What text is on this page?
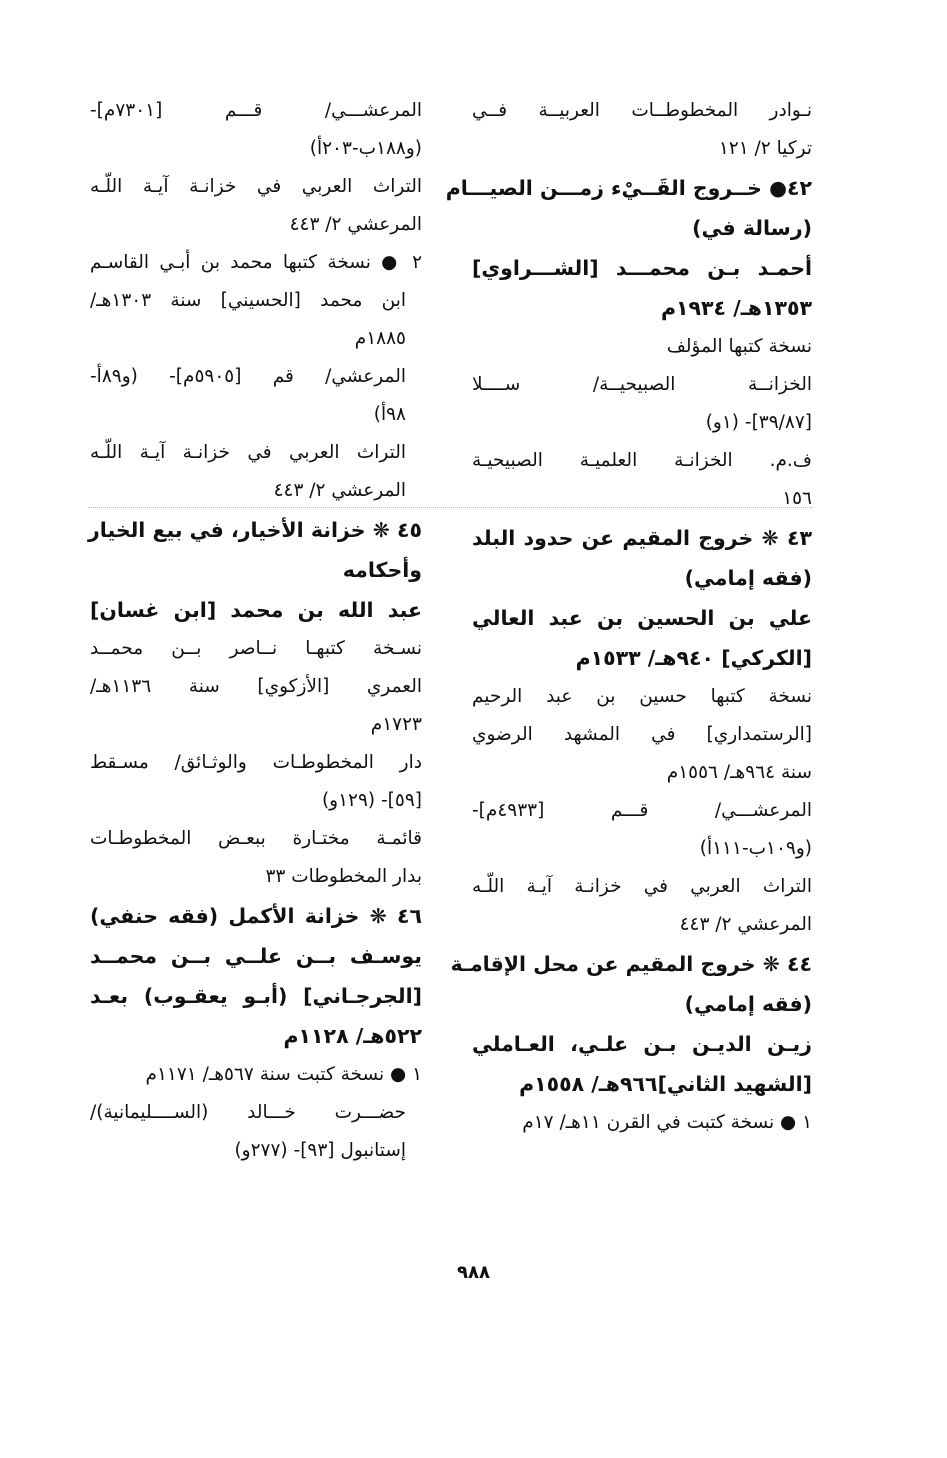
نـوادر المخطوطــات العربيــة فــي
تركيا ٢/ ١٢١
٤٢● خــروج القَــيْء زمـــن الصيـــام
(رسالة في)
أحمـد بـن محمـــد [الشـــراوي]
١٣٥٣هـ/ ١٩٣٤م
نسخة كتبها المؤلف
الخزانــة الصبيحيــة/ ســــلا
[٣٩/٨٧]- (١و)
ف.م. الخزانـة العلميـة الصبيحيـة
١٥٦
٤٣ ❋ خروج المقيم عن حدود البلد
(فقه إمامي)
علي بن الحسين بن عبد العالي
[الكركي] ٩٤٠هـ/ ١٥٣٣م
نسخة كتبها حسين بن عبد الرحيم
[الرستمداري] في المشهد الرضوي
سنة ٩٦٤هـ/ ١٥٥٦م
المرعشـــي/ قـــم [٤٩٣٣م]-
(و١٠٩ب-١١١أ)
التراث العربي في خزانـة آيـة اللّـه
المرعشي ٢/ ٤٤٣
٤٤ ❋ خروج المقيم عن محل الإقامـة
(فقه إمامي)
زيـن الديـن بـن علـي، العـاملي
[الشهيد الثاني]٩٦٦هـ/ ١٥٥٨م
١ ● نسخة كتبت في القرن ١١هـ/ ١٧م
المرعشـــي/ قـــم [٧٣٠١م]-
(و١٨٨ب-٢٠٣أ)
التراث العربي في خزانـة آيـة اللّـه
المرعشي ٢/ ٤٤٣
٢ ● نسخة كتبها محمد بن أبـي القاسـم
ابن محمد [الحسيني] سنة ١٣٠٣هـ/
١٨٨٥م
المرعشي/ قم [٥٩٠٥م]- (و٨٩أ-
٩٨أ)
التراث العربي في خزانـة آيـة اللّـه
المرعشي ٢/ ٤٤٣
٤٥ ❋ خزانة الأخيار، في بيع الخيار
وأحكامه
عبد الله بن محمد [ابن غسان]
نسـخة كتبهـا نــاصر بــن محمــد
العمري [الأزكوي] سنة ١١٣٦هـ/
١٧٢٣م
دار المخطوطـات والوثـائق/ مسـقط
[٥٩]- (١٢٩و)
قائمـة مختـارة ببعـض المخطوطـات
بدار المخطوطات ٣٣
٤٦ ❋ خزانة الأكمل (فقه حنفي)
يوسـف بــن علــي بــن محمــد
[الجرجـاني] (أبـو يعقـوب) بعـد
٥٢٢هـ/ ١١٢٨م
١ ● نسخة كتبت سنة ٥٦٧هـ/ ١١٧١م
حضـــرت خـــالد (الســــليمانية)/
إستانبول [٩٣]- (٢٧٧و)
٩٨٨
